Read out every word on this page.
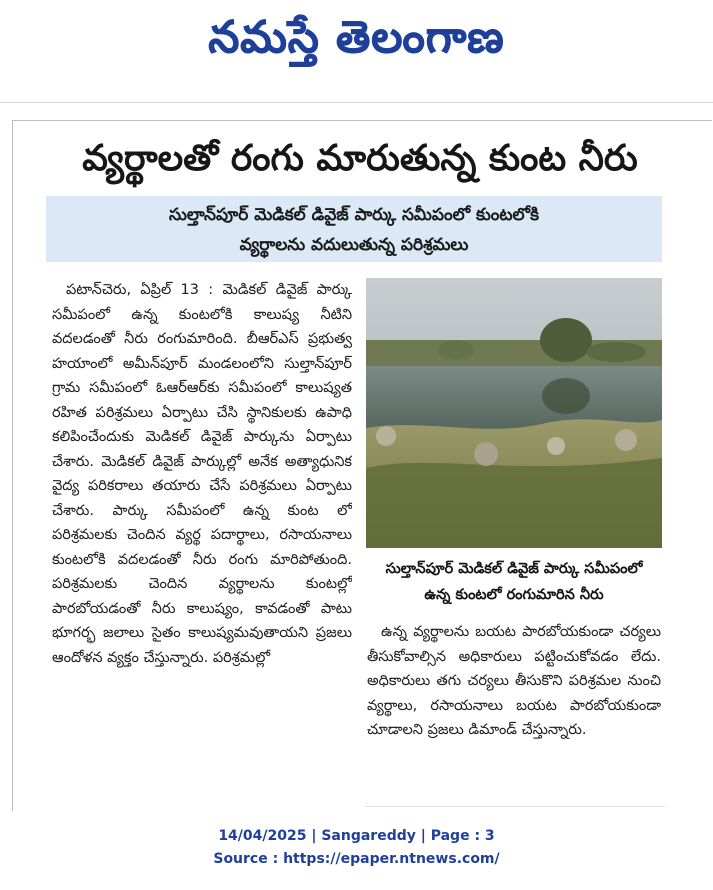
నమస్తే తెలంగాణ
వ్యర్థాలతో రంగు మారుతున్న కుంట నీరు
సుల్తాన్‌పూర్ మెడికల్ డివైజ్ పార్కు సమీపంలో కుంటలోకి
వ్యర్థాలను వదులుతున్న పరిశ్రమలు

పటాన్‌చెరు, ఏప్రిల్ 13 : మెడికల్ డివైజ్ పార్కు సమీపంలో ఉన్న కుంటలోకి కాలుష్య నీటిని వదలడంతో నీరు రంగుమారింది. బీఆర్‌ఎస్ ప్రభుత్వ హయాంలో అమీన్‌పూర్ మండలంలోని సుల్తాన్‌పూర్ గ్రామ సమీపంలో ఓఆర్‌ఆర్‌కు సమీపంలో కాలుష్యత రహిత పరిశ్రమలు ఏర్పాటు చేసి స్థానికులకు ఉపాధి కలిపించేందుకు మెడికల్ డివైజ్ పార్కును ఏర్పాటు చేశారు. మెడికల్ డివైజ్ పార్కుల్లో అనేక అత్యాధునిక వైద్య పరికరాలు తయారు చేసే పరిశ్రమలు ఏర్పాటు చేశారు. పార్కు సమీపంలో ఉన్న కుంట లో పరిశ్రమలకు చెందిన వ్యర్థ పదార్థాలు, రసాయనాలు కుంటలోకి వదలడంతో నీరు రంగు మారిపోతుంది. పరిశ్రమలకు చెందిన వ్యర్థాలను కుంటల్లో పారబోయడంతో నీరు కాలుష్యం, కావడంతో పాటు భూగర్భ జలాలు సైతం కాలుష్యమవుతాయని ప్రజలు ఆందోళన వ్యక్తం చేస్తున్నారు. పరిశ్రమల్లో

సుల్తాన్‌పూర్ మెడికల్ డివైజ్ పార్కు సమీపంలో
ఉన్న కుంటలో రంగుమారిన నీరు

ఉన్న వ్యర్థాలను బయట పారబోయకుండా చర్యలు తీసుకోవాల్సిన అధికారులు పట్టించుకోవడం లేదు. అధికారులు తగు చర్యలు తీసుకొని పరిశ్రమల నుంచి వ్యర్థాలు, రసాయనాలు బయట పారబోయకుండా చూడాలని ప్రజలు డిమాండ్ చేస్తున్నారు.

14/04/2025 | Sangareddy | Page : 3
Source : https://epaper.ntnews.com/
